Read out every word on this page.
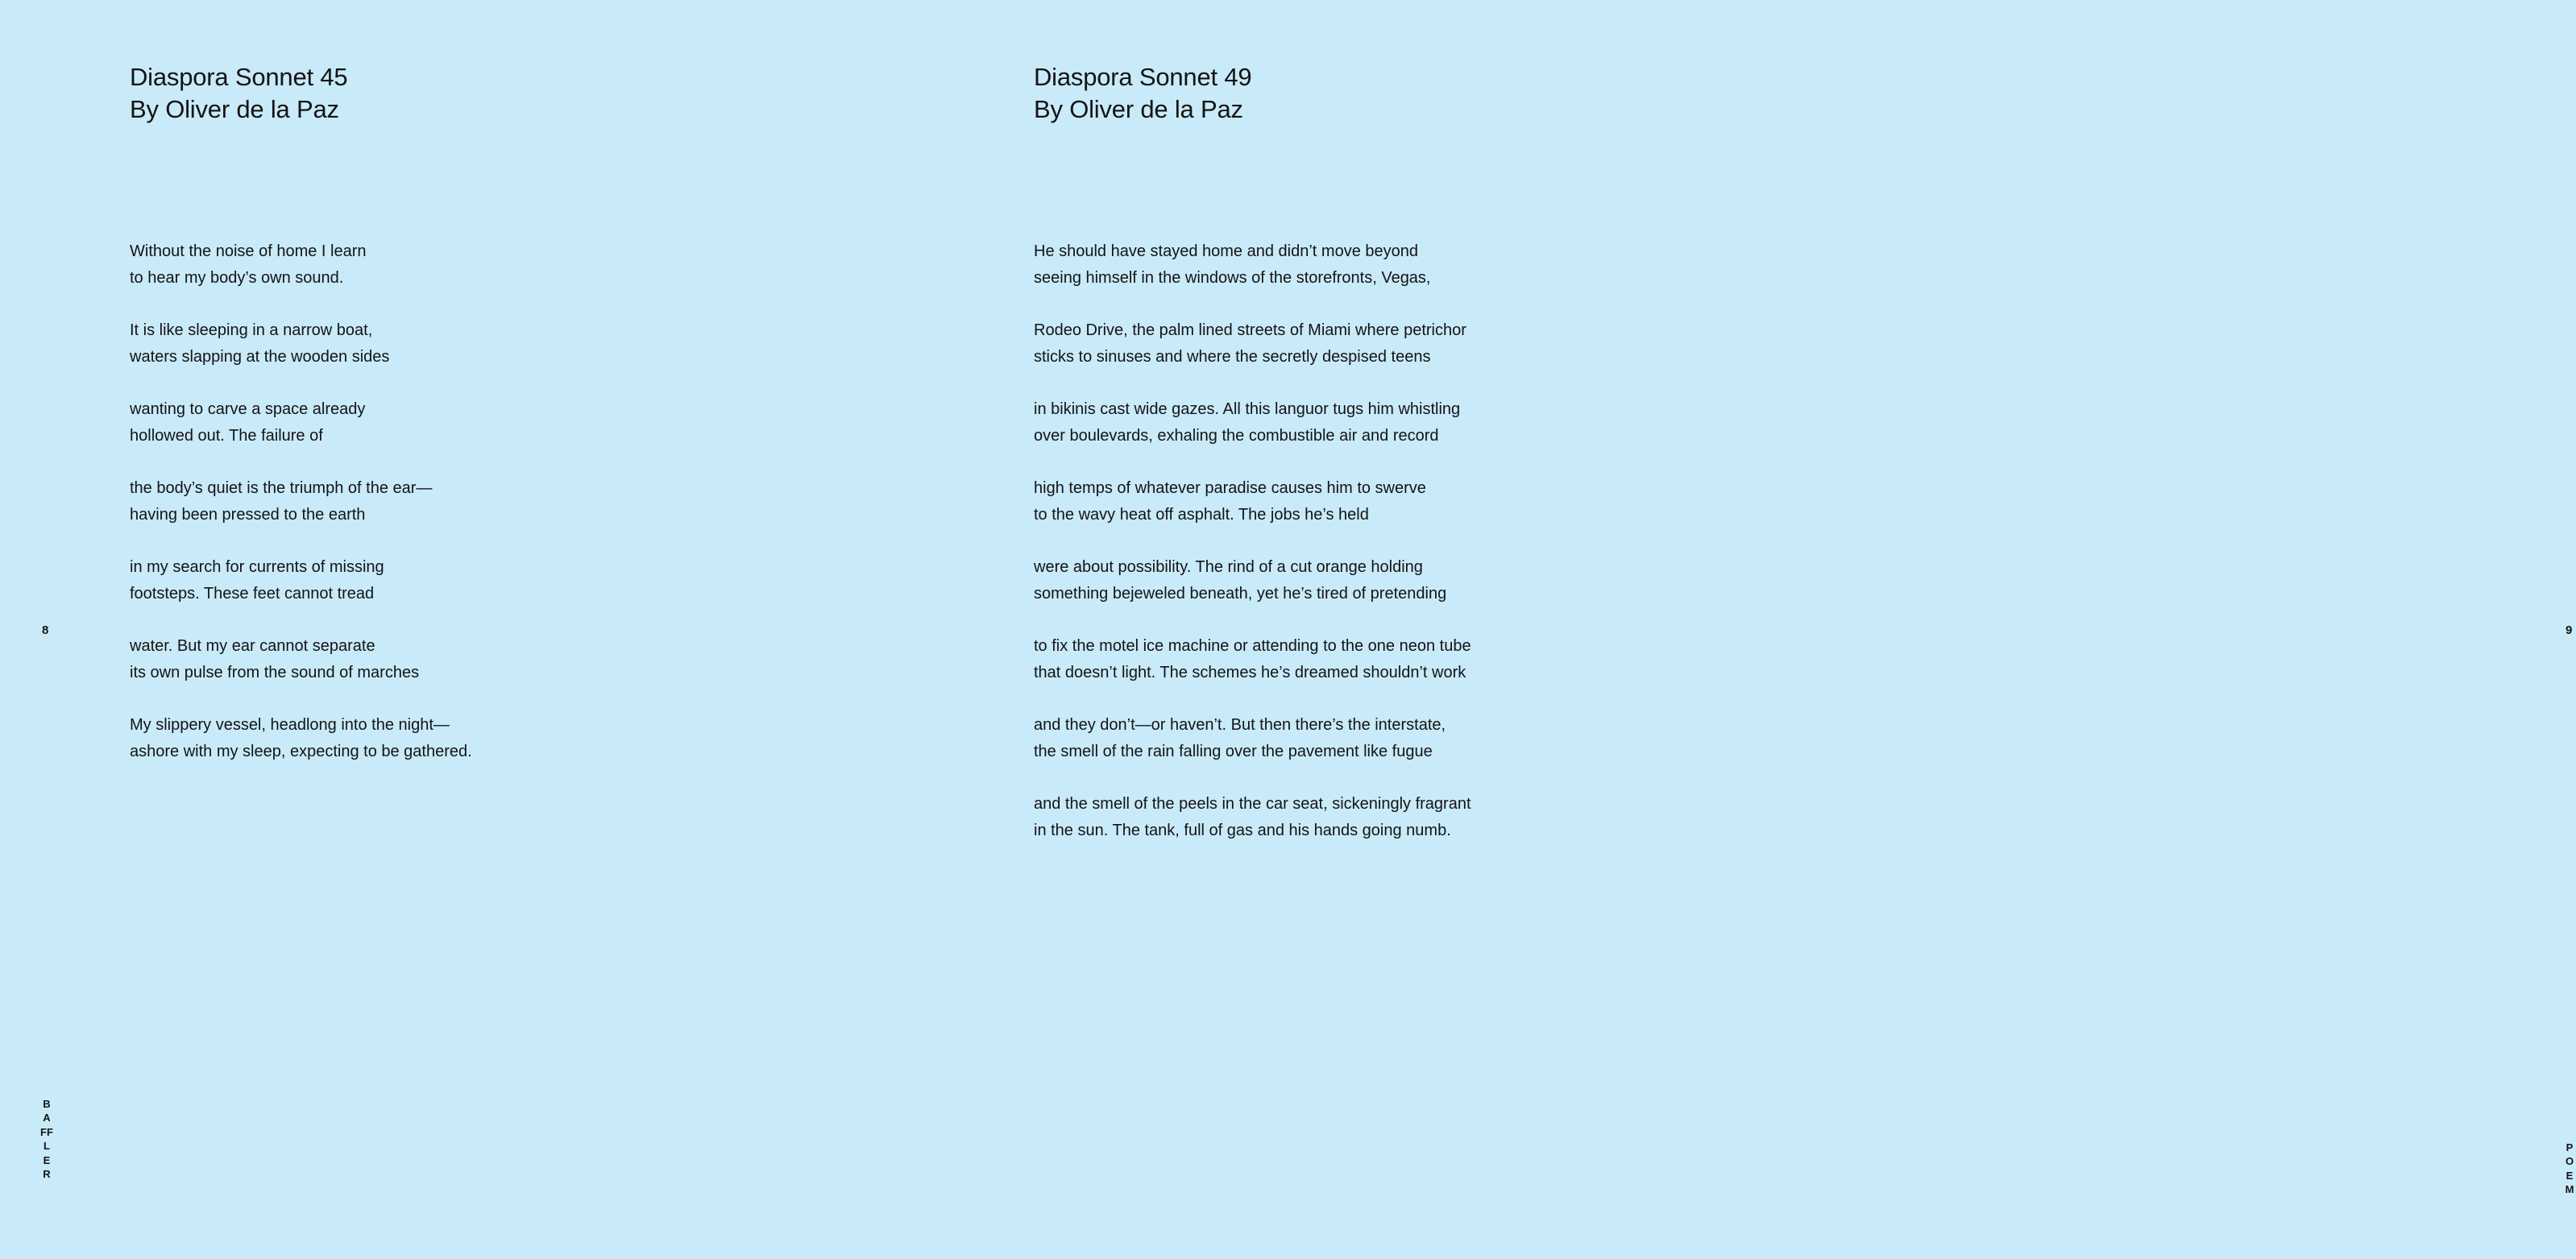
Diaspora Sonnet 45
By Oliver de la Paz

Without the noise of home I learn
to hear my body’s own sound.

It is like sleeping in a narrow boat,
waters slapping at the wooden sides

wanting to carve a space already
hollowed out. The failure of

the body’s quiet is the triumph of the ear—
having been pressed to the earth

in my search for currents of missing
footsteps. These feet cannot tread

water. But my ear cannot separate
its own pulse from the sound of marches

My slippery vessel, headlong into the night—
ashore with my sleep, expecting to be gathered.

8
BAFFLER
Diaspora Sonnet 49
By Oliver de la Paz

He should have stayed home and didn’t move beyond
seeing himself in the windows of the storefronts, Vegas,

Rodeo Drive, the palm lined streets of Miami where petrichor
sticks to sinuses and where the secretly despised teens

in bikinis cast wide gazes. All this languor tugs him whistling
over boulevards, exhaling the combustible air and record

high temps of whatever paradise causes him to swerve
to the wavy heat off asphalt. The jobs he’s held

were about possibility. The rind of a cut orange holding
something bejeweled beneath, yet he’s tired of pretending

to fix the motel ice machine or attending to the one neon tube
that doesn’t light. The schemes he’s dreamed shouldn’t work

and they don’t—or haven’t. But then there’s the interstate,
the smell of the rain falling over the pavement like fugue

and the smell of the peels in the car seat, sickeningly fragrant
in the sun. The tank, full of gas and his hands going numb.

9
POEM
